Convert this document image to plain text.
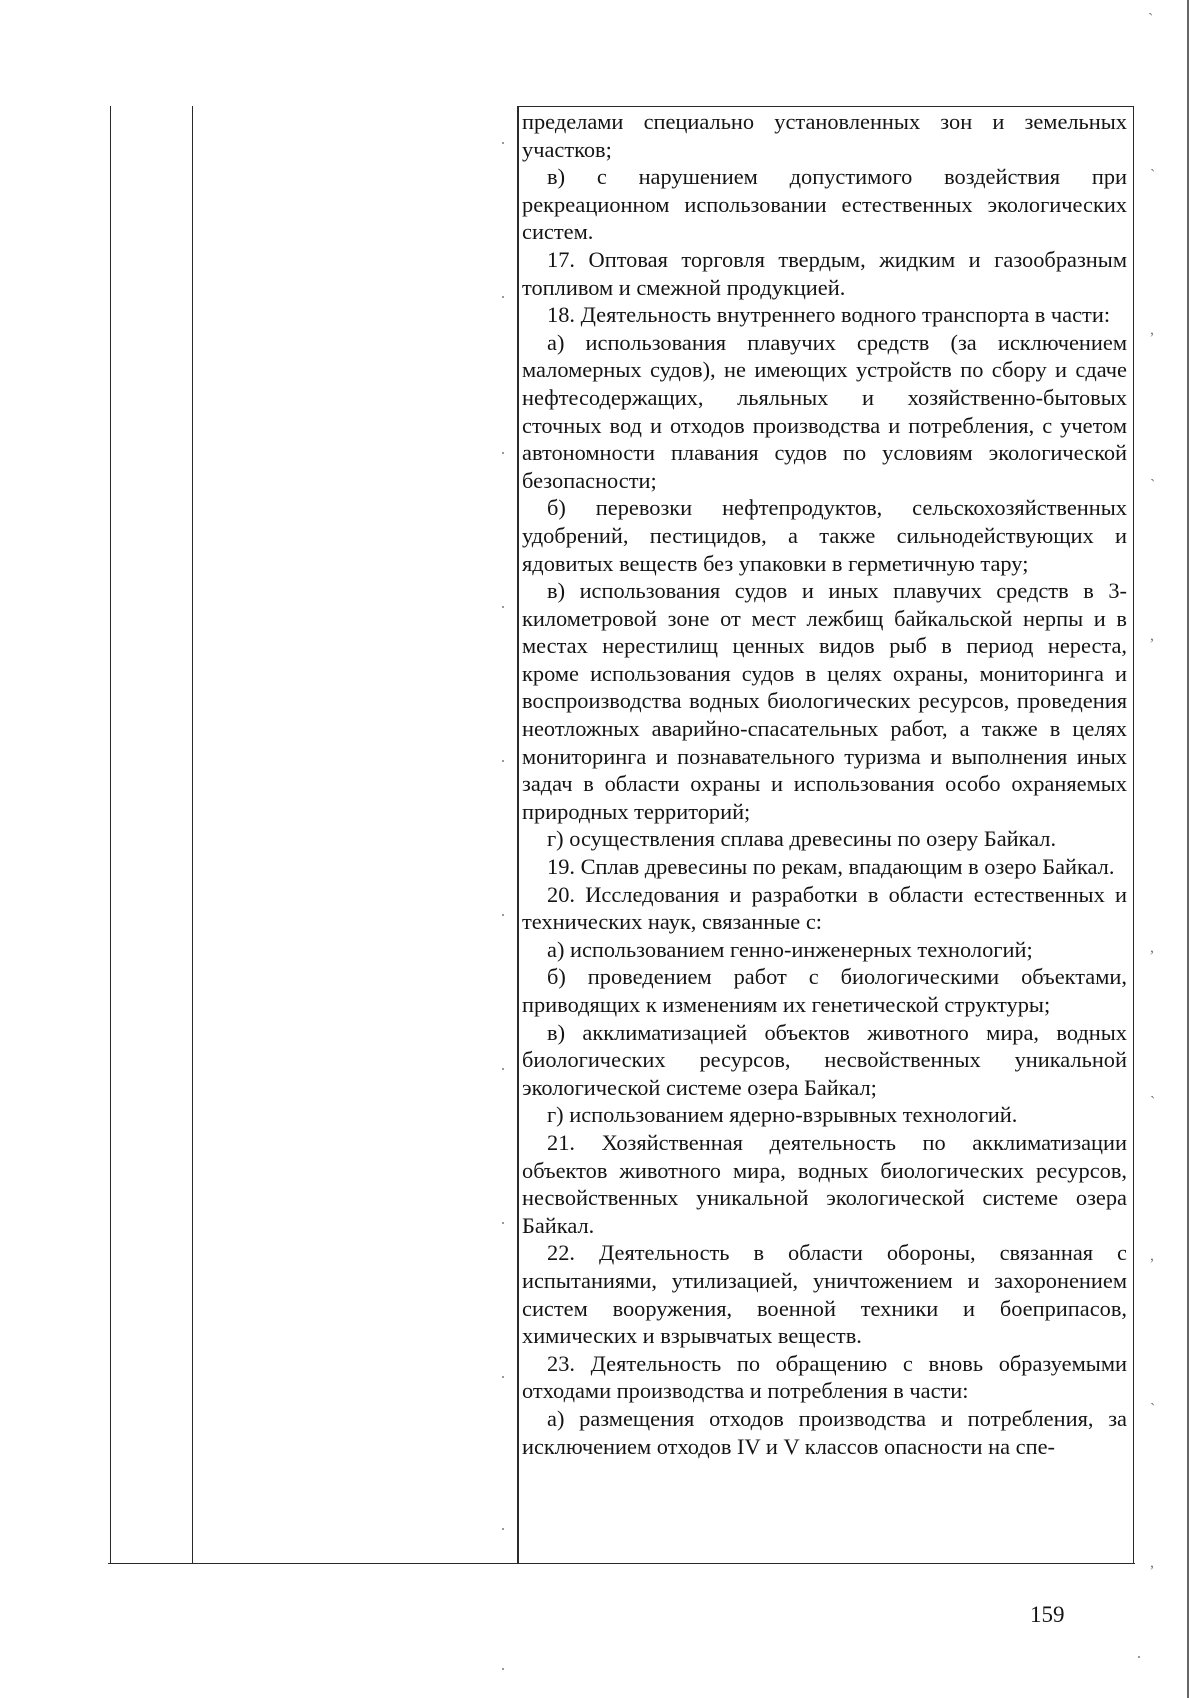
пределами специально установленных зон и земельных участков;

в) с нарушением допустимого воздействия при рекреационном использовании естественных экологических систем.

17. Оптовая торговля твердым, жидким и газообразным топливом и смежной продукцией.

18. Деятельность внутреннего водного транспорта в части:

а) использования плавучих средств (за исключением маломерных судов), не имеющих устройств по сбору и сдаче нефтесодержащих, льяльных и хозяйственно-бытовых сточных вод и отходов производства и потребления, с учетом автономности плавания судов по условиям экологической безопасности;

б) перевозки нефтепродуктов, сельскохозяйственных удобрений, пестицидов, а также сильнодействующих и ядовитых веществ без упаковки в герметичную тару;

в) использования судов и иных плавучих средств в 3-километровой зоне от мест лежбищ байкальской нерпы и в местах нерестилищ ценных видов рыб в период нереста, кроме использования судов в целях охраны, мониторинга и воспроизводства водных биологических ресурсов, проведения неотложных аварийно-спасательных работ, а также в целях мониторинга и познавательного туризма и выполнения иных задач в области охраны и использования особо охраняемых природных территорий;

г) осуществления сплава древесины по озеру Байкал.

19. Сплав древесины по рекам, впадающим в озеро Байкал.

20. Исследования и разработки в области естественных и технических наук, связанные с:

а) использованием генно-инженерных технологий;

б) проведением работ с биологическими объектами, приводящих к изменениям их генетической структуры;

в) акклиматизацией объектов животного мира, водных биологических ресурсов, несвойственных уникальной экологической системе озера Байкал;

г) использованием ядерно-взрывных технологий.

21. Хозяйственная деятельность по акклиматизации объектов животного мира, водных биологических ресурсов, несвойственных уникальной экологической системе озера Байкал.

22. Деятельность в области обороны, связанная с испытаниями, утилизацией, уничтожением и захоронением систем вооружения, военной техники и боеприпасов, химических и взрывчатых веществ.

23. Деятельность по обращению с вновь образуемыми отходами производства и потребления в части:

а) размещения отходов производства и потребления, за исключением отходов IV и V классов опасности на спе-

159
`
`
,
`
,
,
`
,
`
,
